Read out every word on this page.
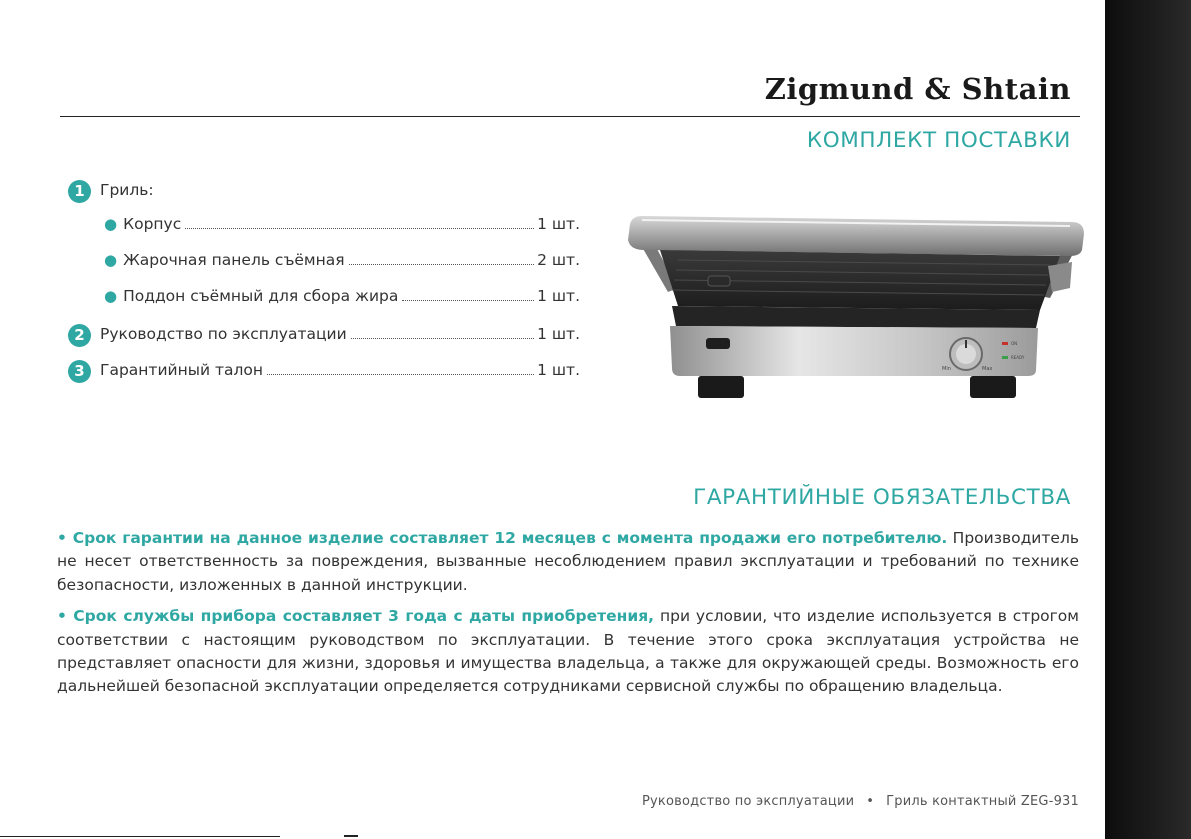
Zigmund & Shtain
КОМПЛЕКТ ПОСТАВКИ
1 Гриль:
● Корпус	1 шт.
● Жарочная панель съёмная	2 шт.
● Поддон съёмный для сбора жира	1 шт.
2 Руководство по эксплуатации	1 шт.
3 Гарантийный талон	1 шт.	Min	Max
ON
READY
ГАРАНТИЙНЫЕ ОБЯЗАТЕЛЬСТВА

• Срок гарантии на данное изделие составляет 12 месяцев с момента продажи его потребителю. Производитель не несет ответственность за повреждения, вызванные несоблюдением правил эксплуатации и требований по технике безопасности, изложенных в данной инструкции.

• Срок службы прибора составляет 3 года с даты приобретения, при условии, что изделие используется в строгом соответствии с настоящим руководством по эксплуатации. В течение этого срока эксплуатация устройства не представляет опасности для жизни, здоровья и имущества владельца, а также для окружающей среды. Возможность его дальнейшей безопасной эксплуатации определяется сотрудниками сервисной службы по обращению владельца.

Руководство по эксплуатации • Гриль контактный ZEG-931
